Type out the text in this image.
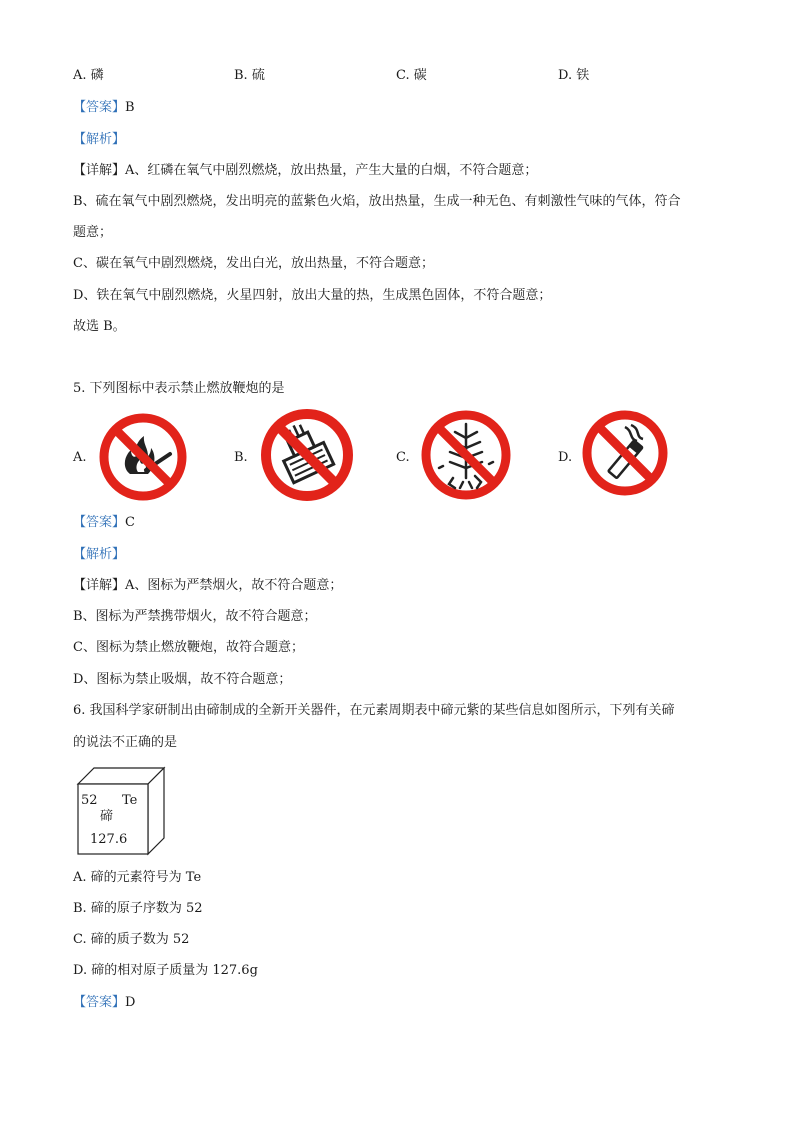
A. 磷	B. 硫	C. 碳	D. 铁
【答案】B
【解析】
【详解】A、红磷在氧气中剧烈燃烧，放出热量，产生大量的白烟，不符合题意；
B、硫在氧气中剧烈燃烧，发出明亮的蓝紫色火焰，放出热量，生成一种无色、有刺激性气味的气体，符合
题意；
C、碳在氧气中剧烈燃烧，发出白光，放出热量，不符合题意；
D、铁在氧气中剧烈燃烧，火星四射，放出大量的热，生成黑色固体，不符合题意；
故选 B。
5. 下列图标中表示禁止燃放鞭炮的是
A.	B.	C.	D.
【答案】C
【解析】
【详解】A、图标为严禁烟火，故不符合题意；
B、图标为严禁携带烟火，故不符合题意；
C、图标为禁止燃放鞭炮，故符合题意；
D、图标为禁止吸烟，故不符合题意；
6. 我国科学家研制出由碲制成的全新开关器件，在元素周期表中碲元紫的某些信息如图所示，下列有关碲
的说法不正确的是
52 Te
碲
127.6
A. 碲的元素符号为 Te
B. 碲的原子序数为 52
C. 碲的质子数为 52
D. 碲的相对原子质量为 127.6g
【答案】D
